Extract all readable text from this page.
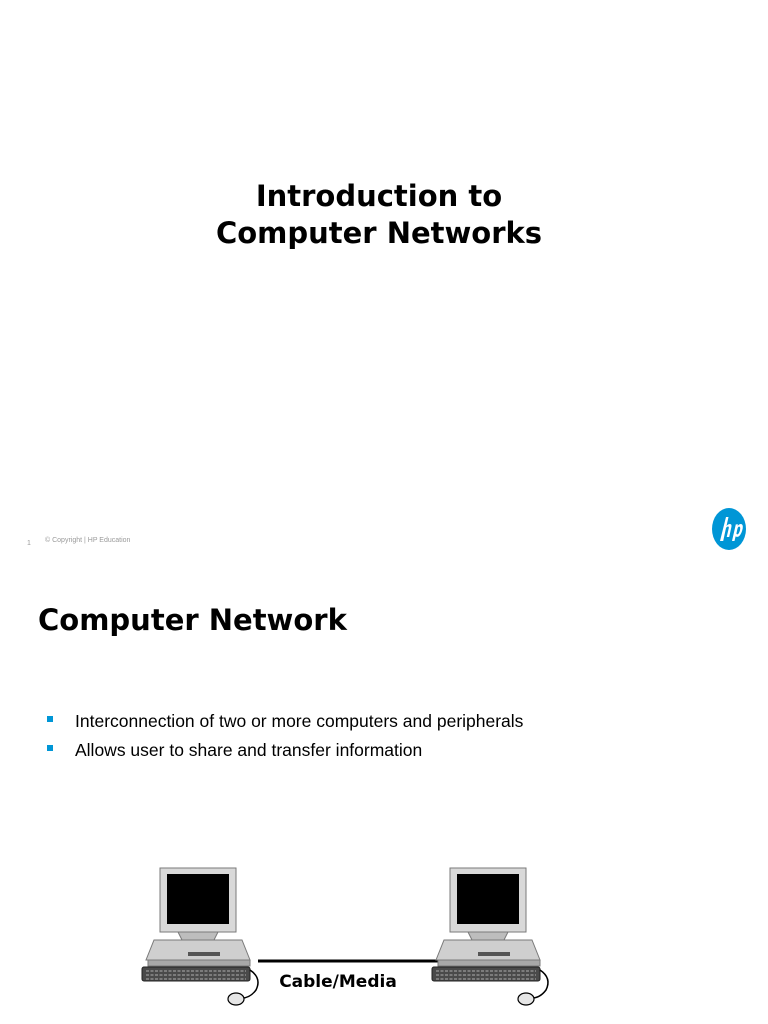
Introduction to
Computer Networks
1 © Copyright | HP Education
Computer Network
Interconnection of two or more computers and peripherals
Allows user to share and transfer information
Cable/Media
